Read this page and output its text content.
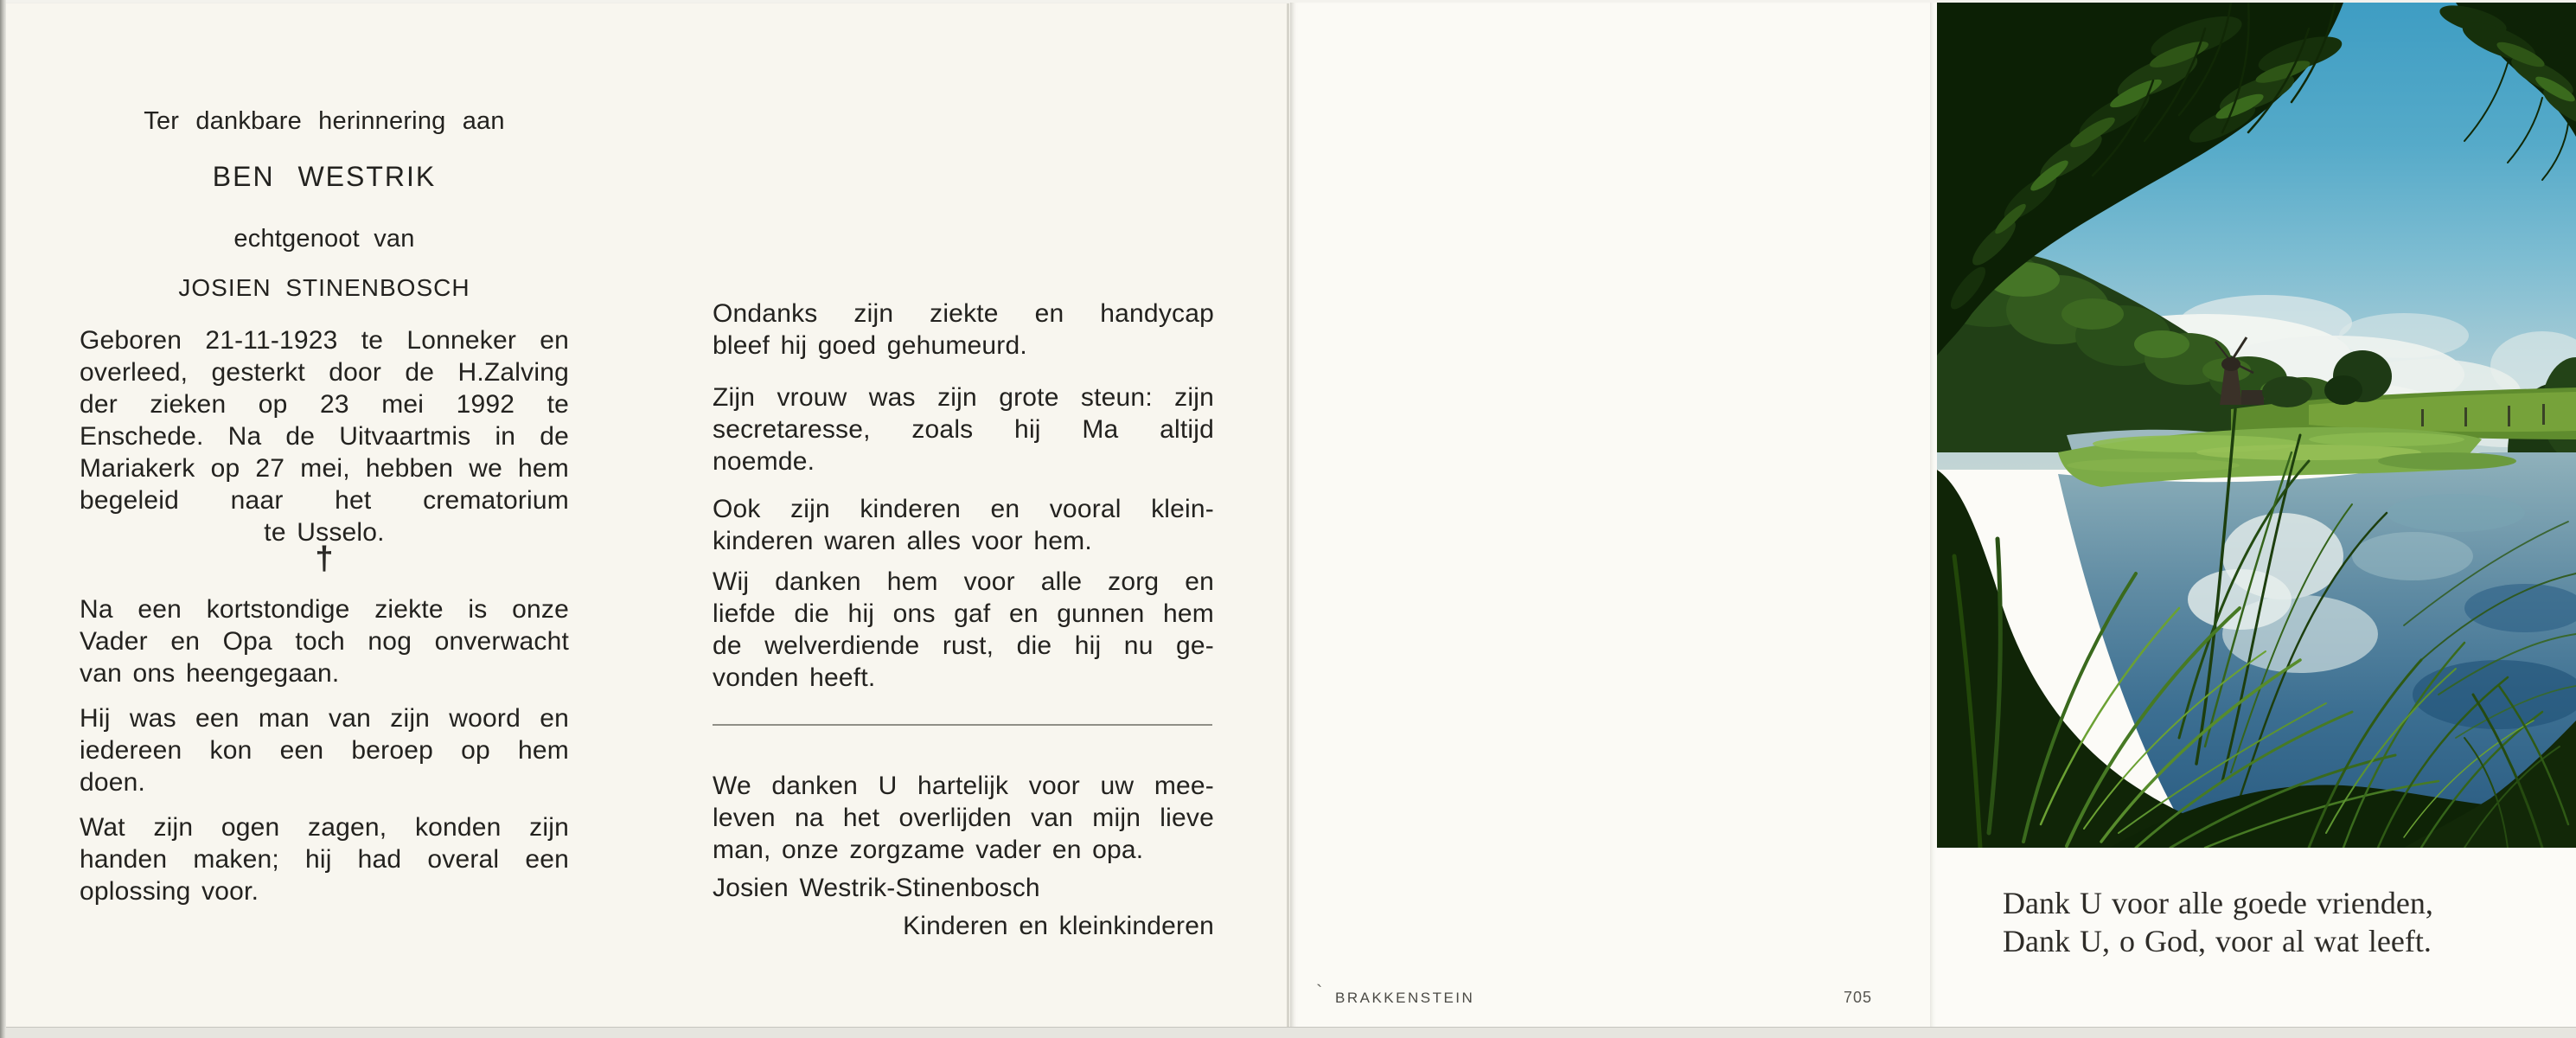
Ter dankbare herinnering aan
BEN WESTRIK
echtgenoot van
JOSIEN STINENBOSCH
Geboren 21-11-1923 te Lonneker en
overleed, gesterkt door de H.Zalving
der zieken op 23 mei 1992 te
Enschede. Na de Uitvaartmis in de
Mariakerk op 27 mei, hebben we hem
begeleid naar het crematorium
te Usselo.
†
Na een kortstondige ziekte is onze
Vader en Opa toch nog onverwacht
van ons heengegaan.
Hij was een man van zijn woord en
iedereen kon een beroep op hem
doen.
Wat zijn ogen zagen, konden zijn
handen maken; hij had overal een
oplossing voor.
Ondanks zijn ziekte en handycap
bleef hij goed gehumeurd.
Zijn vrouw was zijn grote steun: zijn
secretaresse, zoals hij Ma altijd
noemde.
Ook zijn kinderen en vooral klein-
kinderen waren alles voor hem.
Wij danken hem voor alle zorg en
liefde die hij ons gaf en gunnen hem
de welverdiende rust, die hij nu ge-
vonden heeft.
We danken U hartelijk voor uw mee-
leven na het overlijden van mijn lieve
man, onze zorgzame vader en opa.
Josien Westrik-Stinenbosch
Kinderen en kleinkinderen
` BRAKKENSTEIN	705
Dank U voor alle goede vrienden,
Dank U, o God, voor al wat leeft.
